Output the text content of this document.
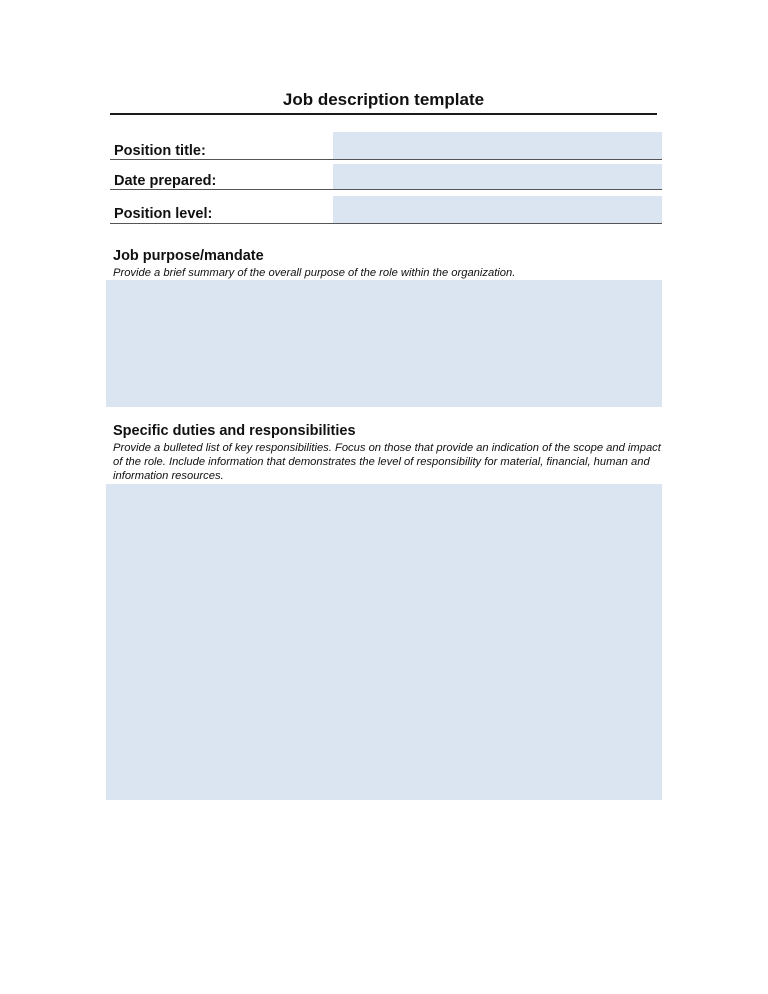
Job description template
Position title:
Date prepared:
Position level:
Job purpose/mandate
Provide a brief summary of the overall purpose of the role within the organization.
Specific duties and responsibilities
Provide a bulleted list of key responsibilities. Focus on those that provide an indication of the scope and impact of the role. Include information that demonstrates the level of responsibility for material, financial, human and information resources.
